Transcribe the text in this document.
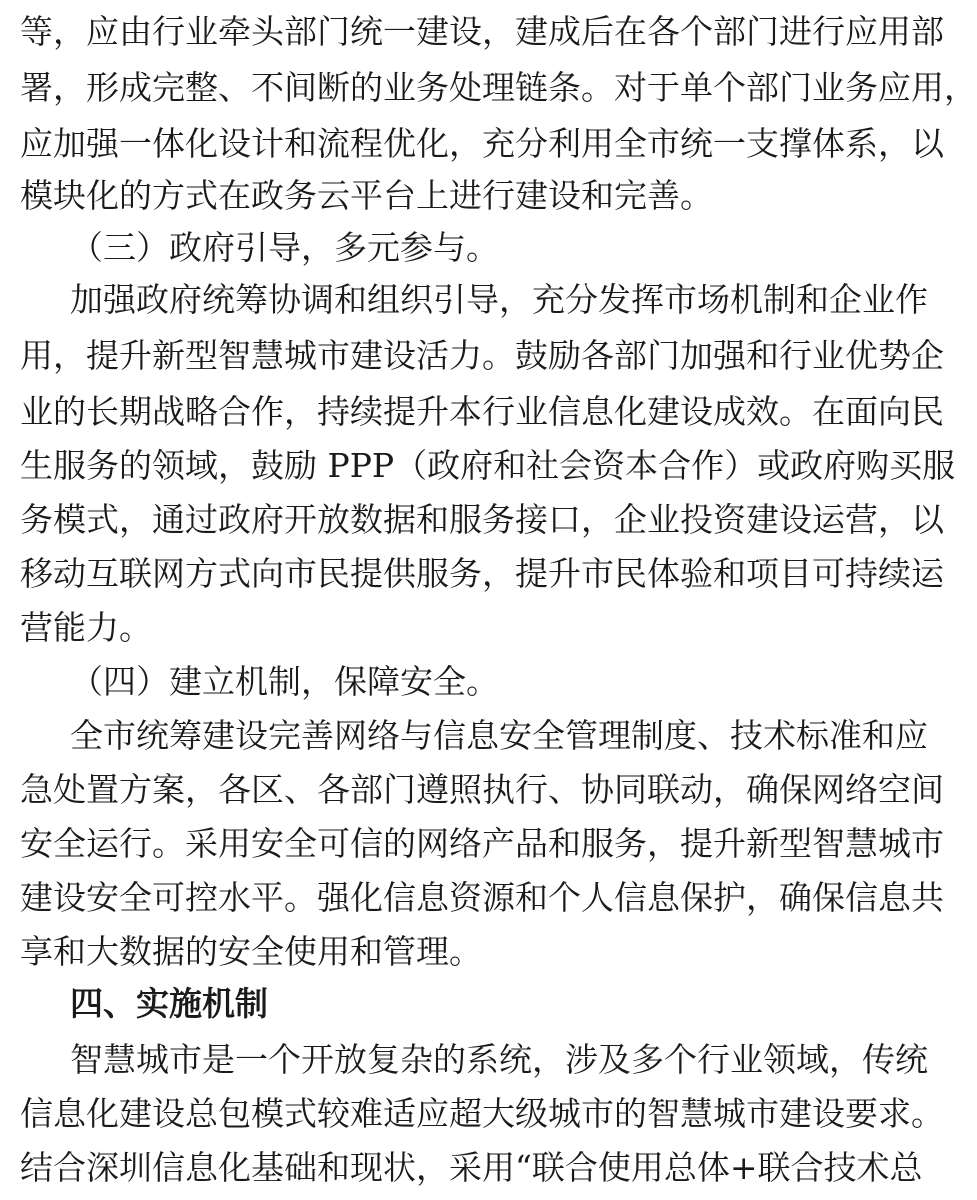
等，应由行业牵头部门统一建设，建成后在各个部门进行应用部
署，形成完整、不间断的业务处理链条。对于单个部门业务应用，
应加强一体化设计和流程优化，充分利用全市统一支撑体系，以
模块化的方式在政务云平台上进行建设和完善。
（三）政府引导，多元参与。
加强政府统筹协调和组织引导，充分发挥市场机制和企业作
用，提升新型智慧城市建设活力。鼓励各部门加强和行业优势企
业的长期战略合作，持续提升本行业信息化建设成效。在面向民
生服务的领域，鼓励 PPP（政府和社会资本合作）或政府购买服
务模式，通过政府开放数据和服务接口，企业投资建设运营，以
移动互联网方式向市民提供服务，提升市民体验和项目可持续运
营能力。
（四）建立机制，保障安全。
全市统筹建设完善网络与信息安全管理制度、技术标准和应
急处置方案，各区、各部门遵照执行、协同联动，确保网络空间
安全运行。采用安全可信的网络产品和服务，提升新型智慧城市
建设安全可控水平。强化信息资源和个人信息保护，确保信息共
享和大数据的安全使用和管理。
四、实施机制
智慧城市是一个开放复杂的系统，涉及多个行业领域，传统
信息化建设总包模式较难适应超大级城市的智慧城市建设要求。
结合深圳信息化基础和现状，采用“联合使用总体+联合技术总
